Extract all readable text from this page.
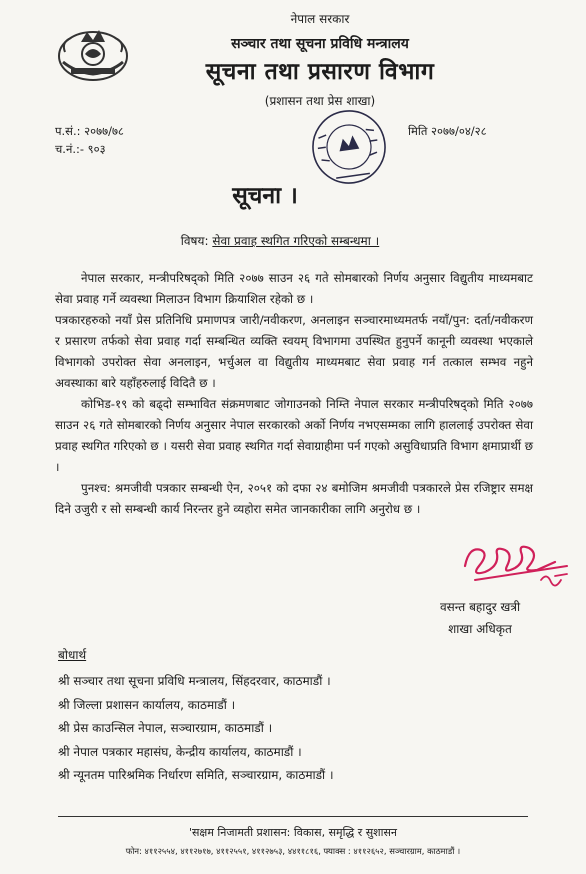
नेपाल सरकार
सञ्चार तथा सूचना प्रविधि मन्त्रालय
सूचना तथा प्रसारण विभाग
(प्रशासन तथा प्रेस शाखा)
प.सं.: २०७७/७८
च.नं.:- ९०३
मिति २०७७/०४/२८
सूचना ।
विषय: सेवा प्रवाह स्थगित गरिएको सम्बन्धमा ।

नेपाल सरकार, मन्त्रीपरिषद्को मिति २०७७ साउन २६ गते सोमबारको निर्णय अनुसार विद्युतीय माध्यमबाट सेवा प्रवाह गर्ने व्यवस्था मिलाउन विभाग क्रियाशिल रहेको छ ।

पत्रकारहरुको नयाँ प्रेस प्रतिनिधि प्रमाणपत्र जारी/नवीकरण, अनलाइन सञ्चारमाध्यमतर्फ नयाँ/पुन: दर्ता/नवीकरण र प्रसारण तर्फको सेवा प्रवाह गर्दा सम्बन्धित व्यक्ति स्वयम् विभागमा उपस्थित हुनुपर्ने कानूनी व्यवस्था भएकाले विभागको उपरोक्त सेवा अनलाइन, भर्चुअल वा विद्युतीय माध्यमबाट सेवा प्रवाह गर्न तत्काल सम्भव नहुने अवस्थाका बारे यहाँहरुलाई विदितै छ ।

कोभिड-१९ को बढ्दो सम्भावित संक्रमणबाट जोगाउनको निम्ति नेपाल सरकार मन्त्रीपरिषद्को मिति २०७७ साउन २६ गते सोमबारको निर्णय अनुसार नेपाल सरकारको अर्को निर्णय नभएसम्मका लागि हाललाई उपरोक्त सेवा प्रवाह स्थगित गरिएको छ । यसरी सेवा प्रवाह स्थगित गर्दा सेवाग्राहीमा पर्न गएको असुविधाप्रति विभाग क्षमाप्रार्थी छ ।

पुनश्च: श्रमजीवी पत्रकार सम्बन्धी ऐन, २०५१ को दफा २४ बमोजिम श्रमजीवी पत्रकारले प्रेस रजिष्ट्रार समक्ष दिने उजुरी र सो सम्बन्धी कार्य निरन्तर हुने व्यहोरा समेत जानकारीका लागि अनुरोध छ ।

वसन्त बहादुर खत्री
शाखा अधिकृत
बोधार्थ
श्री सञ्चार तथा सूचना प्रविधि मन्त्रालय, सिंहदरवार, काठमाडौं ।
श्री जिल्ला प्रशासन कार्यालय, काठमाडौं ।
श्री प्रेस काउन्सिल नेपाल, सञ्चारग्राम, काठमाडौं ।
श्री नेपाल पत्रकार महासंघ, केन्द्रीय कार्यालय, काठमाडौं ।
श्री न्यूनतम पारिश्रमिक निर्धारण समिति, सञ्चारग्राम, काठमाडौं ।
'सक्षम निजामती प्रशासन: विकास, समृद्धि र सुशासन
फोन: ४११२५५४, ४११२७१७, ४११२५५१, ४११२७५३, ४४११८१६, फ्याक्स : ४११२६५२, सञ्चारग्राम, काठमाडौं ।
